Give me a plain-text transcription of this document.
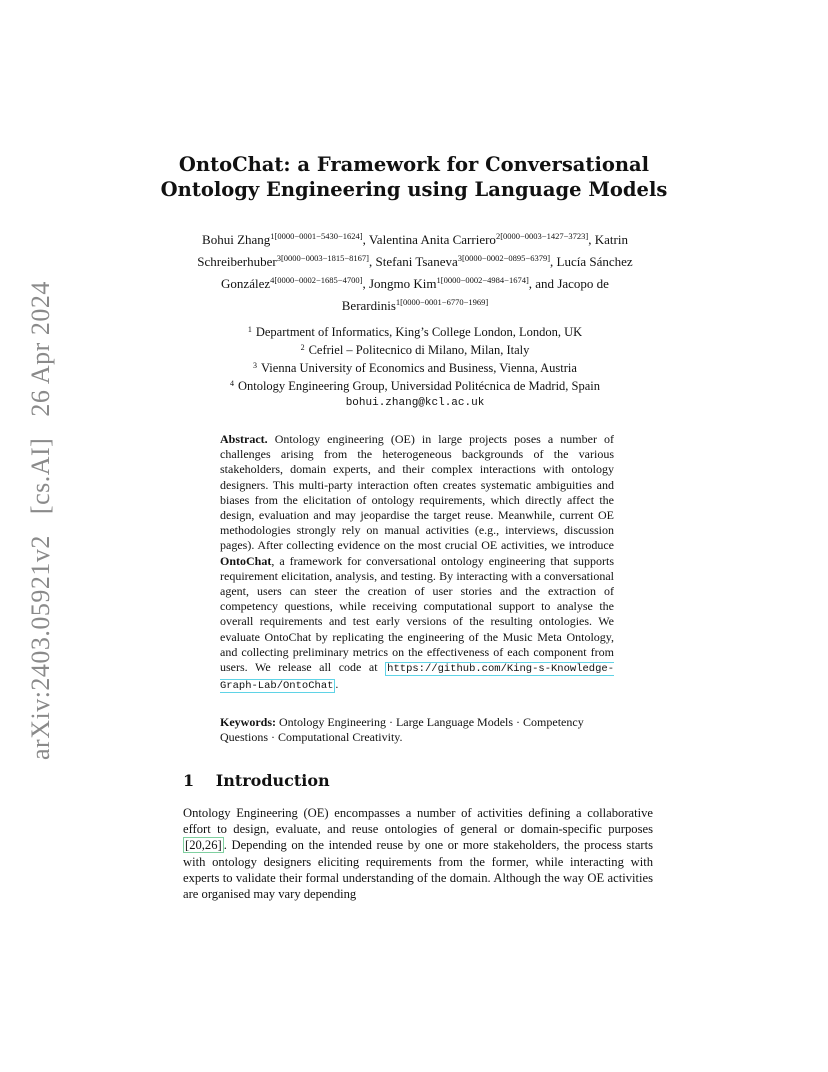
arXiv:2403.05921v2 [cs.AI] 26 Apr 2024
OntoChat: a Framework for Conversational
Ontology Engineering using Language Models
Bohui Zhang$^{1[0000-0001-5430-1624]}$, Valentina Anita Carriero$^{2[0000-0003-1427-3723]}$, Katrin Schreiberhuber$^{3[0000-0003-1815-8167]}$, Stefani Tsaneva$^{3[0000-0002-0895-6379]}$, Lucía Sánchez González$^{4[0000-0002-1685-4700]}$, Jongmo Kim$^{1[0000-0002-4984-1674]}$, and Jacopo de Berardinis$^{1[0000-0001-6770-1969]}$
$^1$ Department of Informatics, King’s College London, London, UK
$^2$ Cefriel – Politecnico di Milano, Milan, Italy
$^3$ Vienna University of Economics and Business, Vienna, Austria
$^4$ Ontology Engineering Group, Universidad Politécnica de Madrid, Spain
bohui.zhang@kcl.ac.uk
Abstract. Ontology engineering (OE) in large projects poses a number of challenges arising from the heterogeneous backgrounds of the various stakeholders, domain experts, and their complex interactions with ontology designers. This multi-party interaction often creates systematic ambiguities and biases from the elicitation of ontology requirements, which directly affect the design, evaluation and may jeopardise the target reuse. Meanwhile, current OE methodologies strongly rely on manual activities (e.g., interviews, discussion pages). After collecting evidence on the most crucial OE activities, we introduce OntoChat, a framework for conversational ontology engineering that supports requirement elicitation, analysis, and testing. By interacting with a conversational agent, users can steer the creation of user stories and the extraction of competency questions, while receiving computational support to analyse the overall requirements and test early versions of the resulting ontologies. We evaluate OntoChat by replicating the engineering of the Music Meta Ontology, and collecting preliminary metrics on the effectiveness of each component from users. We release all code at https://github.com/King-s-Knowledge-Graph-Lab/OntoChat .
Keywords: Ontology Engineering · Large Language Models · Competency Questions · Computational Creativity.
1 Introduction
Ontology Engineering (OE) encompasses a number of activities defining a collaborative effort to design, evaluate, and reuse ontologies of general or domain-specific purposes [20,26] . Depending on the intended reuse by one or more stakeholders, the process starts with ontology designers eliciting requirements from the former, while interacting with experts to validate their formal understanding of the domain. Although the way OE activities are organised may vary depending
